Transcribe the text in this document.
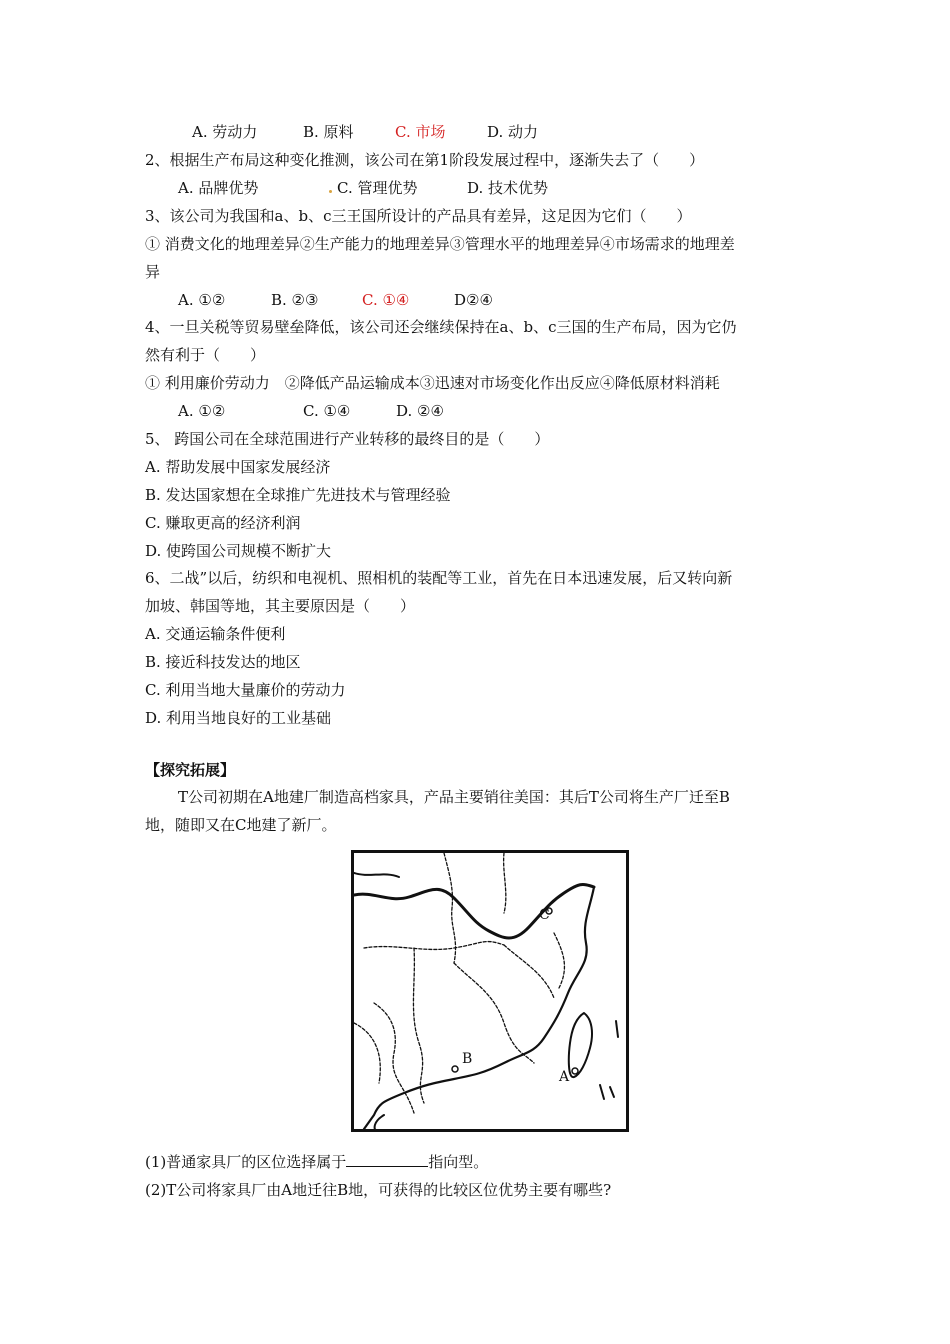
A. 劳动力	B. 原料	C. 市场	D. 动力
2、根据生产布局这种变化推测，该公司在第1阶段发展过程中，逐渐失去了（　　）
A. 品牌优势	C. 管理优势	D. 技术优势
3、该公司为我国和a、b、c三王国所设计的产品具有差异，这足因为它们（　　）
① 消费文化的地理差异②生产能力的地理差异③管理水平的地理差异④市场需求的地理差
异
A. ①②	B. ②③	C. ①④	D②④
4、一旦关税等贸易壁垒降低，该公司还会继续保持在a、b、c三国的生产布局，因为它仍
然有利于（　　）
① 利用廉价劳动力　②降低产品运输成本③迅速对市场变化作出反应④降低原材料消耗
A. ①②	C. ①④	D. ②④
5、 跨国公司在全球范围进行产业转移的最终目的是（　　）
A. 帮助发展中国家发展经济
B. 发达国家想在全球推广先进技术与管理经验
C. 赚取更高的经济利润
D. 使跨国公司规模不断扩大
6、二战”以后，纺织和电视机、照相机的装配等工业，首先在日本迅速发展，后又转向新
加坡、韩国等地，其主要原因是（　　）
A. 交通运输条件便利
B. 接近科技发达的地区
C. 利用当地大量廉价的劳动力
D. 利用当地良好的工业基础
【探究拓展】
T公司初期在A地建厂制造高档家具，产品主要销往美国：其后T公司将生产厂迁至B
地，随即又在C地建了新厂。
C
B
A
(1)普通家具厂的区位选择属于	指向型。
(2)T公司将家具厂由A地迁往B地，可获得的比较区位优势主要有哪些?
